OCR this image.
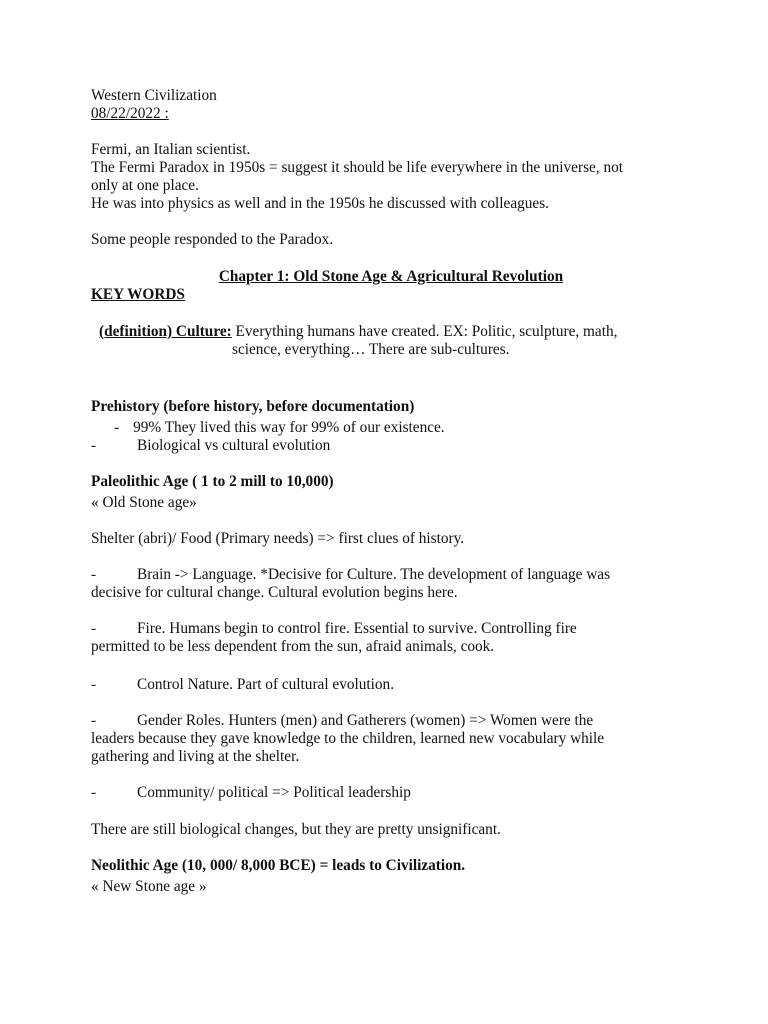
Western Civilization
08/22/2022 :
Fermi, an Italian scientist.
The Fermi Paradox in 1950s = suggest it should be life everywhere in the universe, not
only at one place.
He was into physics as well and in the 1950s he discussed with colleagues.
Some people responded to the Paradox.
Chapter 1: Old Stone Age & Agricultural Revolution
KEY WORDS
(definition) Culture: Everything humans have created. EX: Politic, sculpture, math,
science, everything… There are sub-cultures.
Prehistory (before history, before documentation)
- 99% They lived this way for 99% of our existence.
-	Biological vs cultural evolution
Paleolithic Age ( 1 to 2 mill to 10,000)
« Old Stone age»
Shelter (abri)/ Food (Primary needs) => first clues of history.
-	Brain -> Language. *Decisive for Culture. The development of language was
decisive for cultural change. Cultural evolution begins here.
-	Fire. Humans begin to control fire. Essential to survive. Controlling fire
permitted to be less dependent from the sun, afraid animals, cook.
-	Control Nature. Part of cultural evolution.
-	Gender Roles. Hunters (men) and Gatherers (women) => Women were the
leaders because they gave knowledge to the children, learned new vocabulary while
gathering and living at the shelter.
-	Community/ political => Political leadership
There are still biological changes, but they are pretty unsignificant.
Neolithic Age (10, 000/ 8,000 BCE) = leads to Civilization.
« New Stone age »
